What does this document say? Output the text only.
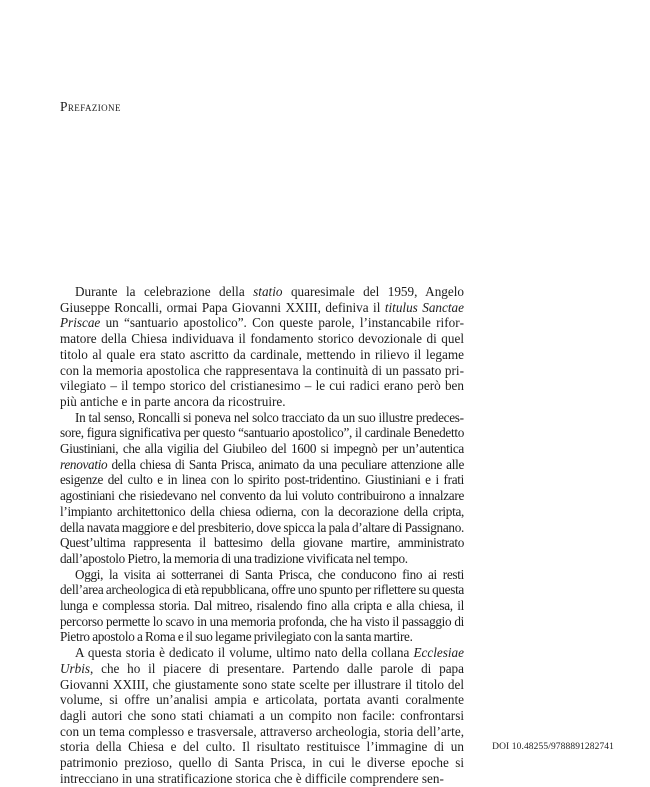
Prefazione

Durante la celebrazione della statio quaresimale del 1959, Angelo Giuseppe Roncalli, ormai Papa Giovanni XXIII, definiva il titulus Sanctae Priscae un “santuario apostolico”. Con queste parole, l’instancabile riformatore della Chiesa individuava il fondamento storico devozionale di quel titolo al quale era stato ascritto da cardinale, mettendo in rilievo il legame con la memoria apostolica che rappresentava la continuità di un passato privilegiato – il tempo storico del cristianesimo – le cui radici erano però ben più antiche e in parte ancora da ricostruire.

In tal senso, Roncalli si poneva nel solco tracciato da un suo illustre predecessore, figura significativa per questo “santuario apostolico”, il cardinale Benedetto Giustiniani, che alla vigilia del Giubileo del 1600 si impegnò per un’autentica renovatio della chiesa di Santa Prisca, animato da una peculiare attenzione alle esigenze del culto e in linea con lo spirito post-tridentino. Giustiniani e i frati agostiniani che risiedevano nel convento da lui voluto contribuirono a innalzare l’impianto architettonico della chiesa odierna, con la decorazione della cripta, della navata maggiore e del presbiterio, dove spicca la pala d’altare di Passignano. Quest’ultima rappresenta il battesimo della giovane martire, amministrato dall’apostolo Pietro, la memoria di una tradizione vivificata nel tempo.

Oggi, la visita ai sotterranei di Santa Prisca, che conducono fino ai resti dell’area archeologica di età repubblicana, offre uno spunto per riflettere su questa lunga e complessa storia. Dal mitreo, risalendo fino alla cripta e alla chiesa, il percorso permette lo scavo in una memoria profonda, che ha visto il passaggio di Pietro apostolo a Roma e il suo legame privilegiato con la santa martire.

A questa storia è dedicato il volume, ultimo nato della collana Ecclesiae Urbis, che ho il piacere di presentare. Partendo dalle parole di papa Giovanni XXIII, che giustamente sono state scelte per illustrare il titolo del volume, si offre un’analisi ampia e articolata, portata avanti coralmente dagli autori che sono stati chiamati a un compito non facile: confrontarsi con un tema complesso e trasversale, attraverso archeologia, storia dell’arte, storia della Chiesa e del culto. Il risultato restituisce l’immagine di un patrimonio prezioso, quello di Santa Prisca, in cui le diverse epoche si intrecciano in una stratificazione storica che è difficile comprendere sen-

DOI 10.48255/9788891282741
